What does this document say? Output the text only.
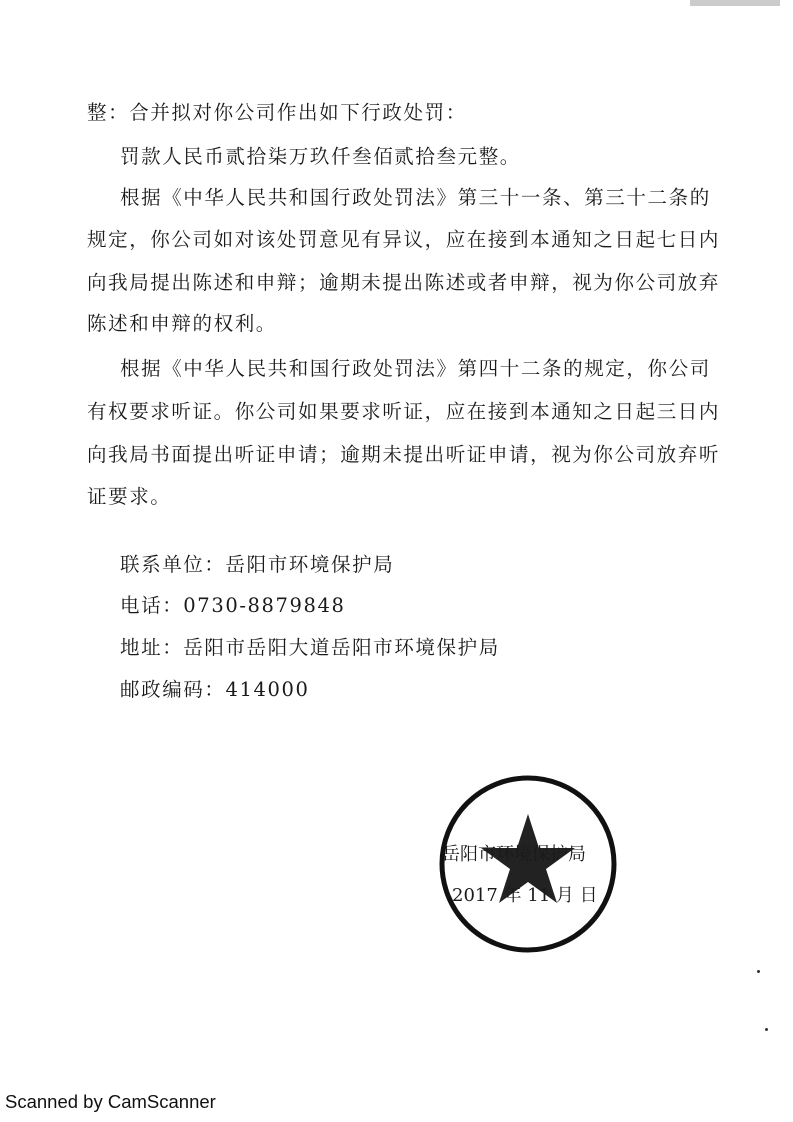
整：合并拟对你公司作出如下行政处罚：
罚款人民币贰拾柒万玖仟叁佰贰拾叁元整。
根据《中华人民共和国行政处罚法》第三十一条、第三十二条的
规定，你公司如对该处罚意见有异议，应在接到本通知之日起七日内
向我局提出陈述和申辩；逾期未提出陈述或者申辩，视为你公司放弃
陈述和申辩的权利。
根据《中华人民共和国行政处罚法》第四十二条的规定，你公司
有权要求听证。你公司如果要求听证，应在接到本通知之日起三日内
向我局书面提出听证申请；逾期未提出听证申请，视为你公司放弃听
证要求。
联系单位：岳阳市环境保护局
电话：0730-8879848
地址：岳阳市岳阳大道岳阳市环境保护局
邮政编码：414000
岳阳市环境保护局
2017 年 11 月 日
Scanned by CamScanner
